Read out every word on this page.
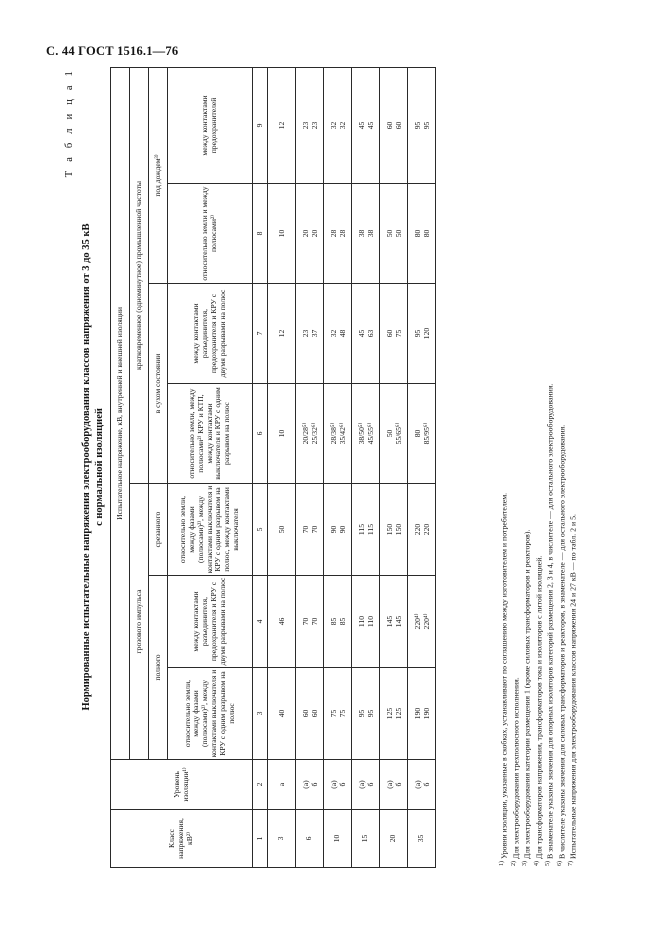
С. 44 ГОСТ 1516.1—76
Т а б л и ц а 1
Нормированные испытательные напряжения электрооборудования классов напряжения от 3 до 35 кВ с нормальной изоляцией
Класс напряжения, кВ²⁾	Уровень изоляции¹⁾	Испытательное напряжение, кВ, внутренней и внешней изоляции						
		грозового импульса			кратковременное (одноминутное) промышленной частоты			
		полного		срезанного	в сухом состоянии		под дождем³⁾	
		относительно земли, между фазами (полюсами)²⁾, между контактами выключателя и КРУ с одним разрывом на полюс	между контактами разъединителя, предохранителя и КРУ с двумя разрывами на полюс	относительно земли, между фазами (полюсами)²⁾, между контактами выключателя и КРУ с одним разрывом на полюс, между контактами выключателя	относительно земли, между полюсами²⁾ КРУ и КТП, между контактами выключателя и КРУ с одним разрывом на полюс	между контактами разъединителя, предохранителя и КРУ с двумя разрывами на полюс	относительно земли и между полюсами²⁾	между контактами предохранителей
1	2	3	4	5	6	7	8	9
3	а	40	46	50	10	12	10	12

6	(а) б	60 60	70 70	70 70	20/28⁵⁾ 25/32⁶⁾	23 37	20 20	23 23

10	(а) б	75 75	85 85	90 90	28/38⁵⁾ 35/42⁶⁾	32 48	28 28	32 32

15	(а) б	95 95	110 110	115 115	38/50⁵⁾ 45/55⁶⁾	45 63	38 38	45 45

20	(а) б	125 125	145 145	150 150	50 55/65⁶⁾	60 75	50 50	60 60

35	(а) б	190 190	220⁴⁾ 220⁴⁾	220 220	80 85/95⁶⁾	95 120	80 80	95 95
$^{1)}$ Уровни изоляции, указанные в скобках, устанавливают по соглашению между изготовителем и потребителем.
$^{2)}$ Для электрооборудования трехполюсного исполнения.
$^{3)}$ Для электрооборудования категории размещения 1 (кроме силовых трансформаторов и реакторов).
$^{4)}$ Для трансформаторов напряжения, трансформаторов тока и изоляторов с литой изоляцией.
$^{5)}$ В знаменателе указаны значения для опорных изоляторов категорий размещения 2, 3 и 4, в числителе — для остального электрооборудования.
$^{6)}$ В числителе указаны значения для силовых трансформаторов и реакторов, в знаменателе — для остального электрооборудования.
$^{7)}$ Испытательные напряжения для электрооборудования классов напряжения 24 и 27 кВ — по табл. 2 и 5.
